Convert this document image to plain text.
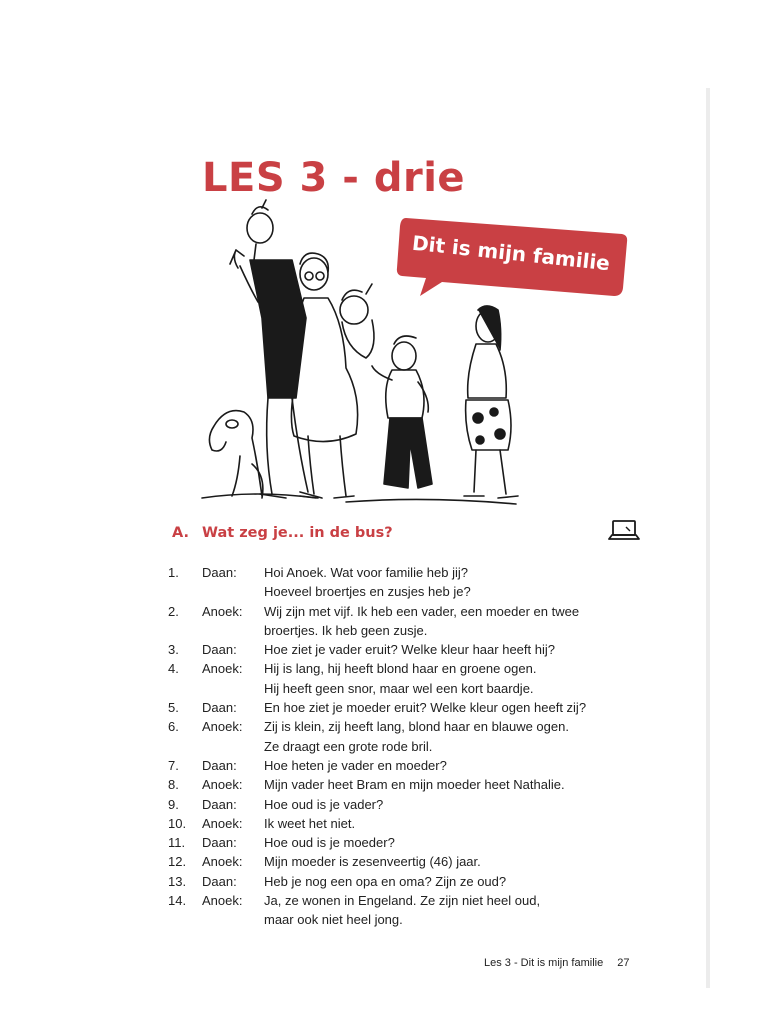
LES 3 - drie
Dit is mijn familie
A. Wat zeg je... in de bus?
1.	Daan:	Hoi Anoek. Wat voor familie heb jij?
Hoeveel broertjes en zusjes heb je?
2.	Anoek:	Wij zijn met vijf. Ik heb een vader, een moeder en twee
broertjes. Ik heb geen zusje.
3.	Daan:	Hoe ziet je vader eruit? Welke kleur haar heeft hij?
4.	Anoek:	Hij is lang, hij heeft blond haar en groene ogen.
Hij heeft geen snor, maar wel een kort baardje.
5.	Daan:	En hoe ziet je moeder eruit? Welke kleur ogen heeft zij?
6.	Anoek:	Zij is klein, zij heeft lang, blond haar en blauwe ogen.
Ze draagt een grote rode bril.
7.	Daan:	Hoe heten je vader en moeder?
8.	Anoek:	Mijn vader heet Bram en mijn moeder heet Nathalie.
9.	Daan:	Hoe oud is je vader?
10.	Anoek:	Ik weet het niet.
11.	Daan:	Hoe oud is je moeder?
12.	Anoek:	Mijn moeder is zesenveertig (46) jaar.
13.	Daan:	Heb je nog een opa en oma? Zijn ze oud?
14.	Anoek:	Ja, ze wonen in Engeland. Ze zijn niet heel oud,
maar ook niet heel jong.
Les 3 - Dit is mijn familie 27
